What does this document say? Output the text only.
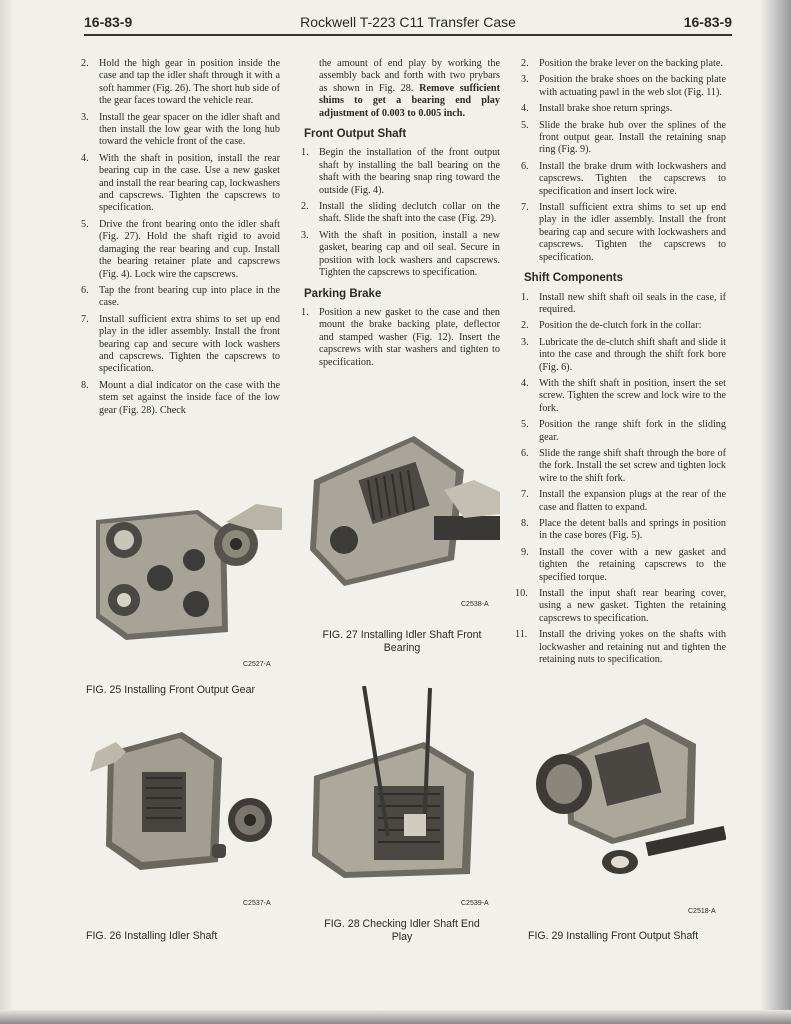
16-83-9	Rockwell T-223 C11 Transfer Case	16-83-9
2. Hold the high gear in position inside the case and tap the idler shaft through it with a soft hammer (Fig. 26). The short hub side of the gear faces toward the vehicle rear.
3. Install the gear spacer on the idler shaft and then install the low gear with the long hub toward the vehicle front of the case.
4. With the shaft in position, install the rear bearing cup in the case. Use a new gasket and install the rear bearing cap, lockwashers and capscrews. Tighten the capscrews to specification.
5. Drive the front bearing onto the idler shaft (Fig. 27). Hold the shaft rigid to avoid damaging the rear bearing and cup. Install the bearing retainer plate and capscrews (Fig. 4). Lock wire the capscrews.
6. Tap the front bearing cup into place in the case.
7. Install sufficient extra shims to set up end play in the idler assembly. Install the front bearing cap and secure with lock washers and capscrews. Tighten the capscrews to specification.
8. Mount a dial indicator on the case with the stem set against the inside face of the low gear (Fig. 28). Check

the amount of end play by working the assembly back and forth with two prybars as shown in Fig. 28. Remove sufficient shims to get a bearing end play adjustment of 0.003 to 0.005 inch.

Front Output Shaft
1. Begin the installation of the front output shaft by installing the ball bearing on the shaft with the bearing snap ring toward the outside (Fig. 4).
2. Install the sliding declutch collar on the shaft. Slide the shaft into the case (Fig. 29).
3. With the shaft in position, install a new gasket, bearing cap and oil seal. Secure in position with lock washers and capscrews. Tighten the capscrews to specification.
Parking Brake
1. Position a new gasket to the case and then mount the brake backing plate, deflector and stamped washer (Fig. 12). Insert the capscrews with star washers and tighten to specification.
2. Position the brake lever on the backing plate.
3. Position the brake shoes on the backing plate with actuating pawl in the web slot (Fig. 11).
4. Install brake shoe return springs.
5. Slide the brake hub over the splines of the front output gear. Install the retaining snap ring (Fig. 9).
6. Install the brake drum with lockwashers and capscrews. Tighten the capscrews to specification and insert lock wire.
7. Install sufficient extra shims to set up end play in the idler assembly. Install the front bearing cap and secure with lockwashers and capscrews. Tighten the capscrews to specification.
Shift Components
1. Install new shift shaft oil seals in the case, if required.
2. Position the de-clutch fork in the collar:
3. Lubricate the de-clutch shift shaft and slide it into the case and through the shift fork bore (Fig. 6).
4. With the shift shaft in position, insert the set screw. Tighten the screw and lock wire to the fork.
5. Position the range shift fork in the sliding gear.
6. Slide the range shift shaft through the bore of the fork. Install the set screw and tighten lock wire to the shift fork.
7. Install the expansion plugs at the rear of the case and flatten to expand.
8. Place the detent balls and springs in position in the case bores (Fig. 5).
9. Install the cover with a new gasket and tighten the retaining capscrews to the specified torque.
10. Install the input shaft rear bearing cover, using a new gasket. Tighten the retaining capscrews to specification.
11. Install the driving yokes on the shafts with lockwasher and retaining nut and tighten the retaining nuts to specification.
C2527-A
FIG. 25 Installing Front Output Gear
C2538-A
FIG. 27 Installing Idler Shaft Front
Bearing
C2537-A
FIG. 26 Installing Idler Shaft
C2539-A
FIG. 28 Checking Idler Shaft End
Play
C2518-A
FIG. 29 Installing Front Output Shaft
